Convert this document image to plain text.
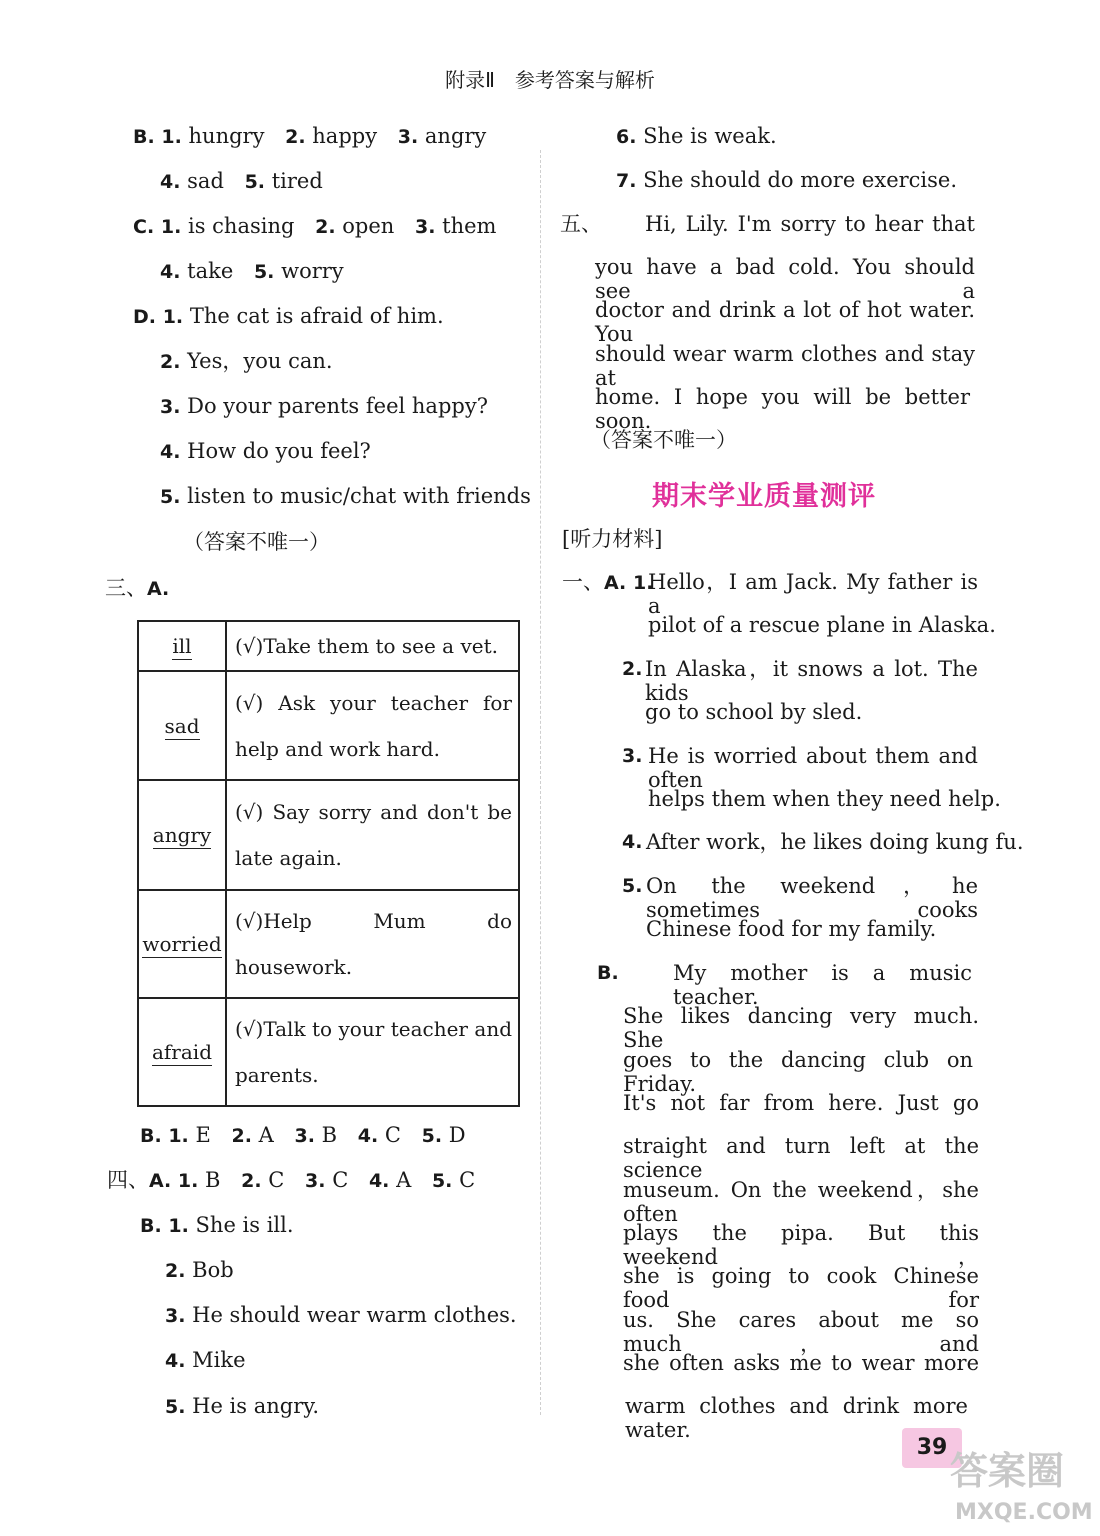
附录Ⅱ　参考答案与解析
B. 1. hungry 2. happy 3. angry
4. sad 5. tired
C. 1. is chasing 2. open 3. them
4. take 5. worry
D. 1. The cat is afraid of him.
2. Yes，you can.
3. Do your parents feel happy?
4. How do you feel?
5. listen to music/chat with friends
（答案不唯一）
三、A.
ill	(√)Take them to see a vet.
sad	(√) Ask your teacher for help and work hard.
angry	(√) Say sorry and don't be late again.
worried	(√)Help Mum do housework.
afraid	(√)Talk to your teacher and parents.
B. 1. E 2. A 3. B 4. C 5. D
四、A. 1. B 2. C 3. C 4. A 5. C
B. 1. She is ill.
2. Bob
3. He should wear warm clothes.
4. Mike
5. He is angry.
6. She is weak.
7. She should do more exercise.
五、 Hi, Lily. I'm sorry to hear that
you have a bad cold. You should see a
doctor and drink a lot of hot water. You
should wear warm clothes and stay at
home. I hope you will be better soon.
（答案不唯一）
期末学业质量测评
[听力材料]
一、A. 1.
Hello，I am Jack. My father is a
pilot of a rescue plane in Alaska.
2. In Alaska，it snows a lot. The kids
go to school by sled.
3. He is worried about them and often
helps them when they need help.
4. After work，he likes doing kung fu.
5. On the weekend，he sometimes cooks
Chinese food for my family.
B.	My mother is a music teacher.
She likes dancing very much. She
goes to the dancing club on Friday.
It's not far from here. Just go
straight and turn left at the science
museum. On the weekend，she often
plays the pipa. But this weekend，
she is going to cook Chinese food for
us. She cares about me so much，and
she often asks me to wear more
warm clothes and drink more water.
39
答案圈
MXQE.COM
